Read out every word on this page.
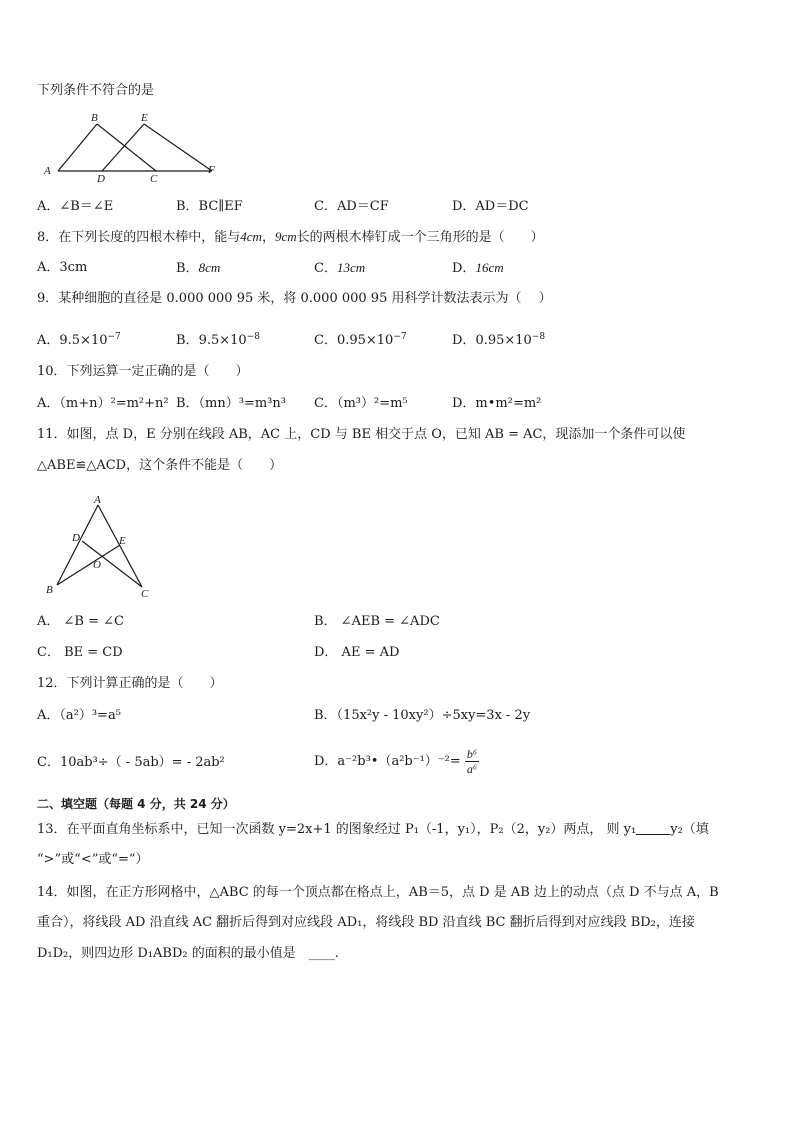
下列条件不符合的是
A
B
C
D
E
F
A．∠B＝∠E	B．BC∥EF	C．AD＝CF	D．AD＝DC
8．在下列长度的四根木棒中，能与4cm，9cm长的两根木棒钉成一个三角形的是（　　）
A．3cm	B．8cm	C．13cm	D．16cm
9．某种细胞的直径是 0.000 000 95 米，将 0.000 000 95 用科学计数法表示为（　 ）
A．$9.5\times 10^{-7}$	B．$9.5\times 10^{-8}$	C．$0.95\times 10^{-7}$	D．$0.95\times 10^{-8}$
10．下列运算一定正确的是（　　）
A．（m+n）²=m²+n² B．（mn）³=m³n³ C．（m³）²=m⁵	D．m•m²=m²
11．如图，点 D，E 分别在线段 AB，AC 上，CD 与 BE 相交于点 O，已知 AB = AC，现添加一个条件可以使
△ABE≌△ACD，这个条件不能是（　　）
A
B	C
D	E
O
A． ∠B = ∠C	B． ∠AEB = ∠ADC
C． BE = CD	D． AE = AD
12．下列计算正确的是（　　）
A．（a²）³=a⁵	B．（15x²y - 10xy²）÷5xy=3x - 2y
C．10ab³÷（ - 5ab）= - 2ab²	D．a⁻²b³•（a²b⁻¹）⁻²= $\frac{\text{b⁶}}{\text{a⁶}}$
二、填空题（每题 4 分，共 24 分）
13．在平面直角坐标系中，已知一次函数 y=2x+1 的图象经过 P₁（-1，y₁），P₂（2，y₂）两点， 则 y₁	y₂（填
“>”或“<”或“=”）
14．如图，在正方形网格中，△ABC 的每一个顶点都在格点上，AB＝5，点 D 是 AB 边上的动点（点 D 不与点 A，B
重合），将线段 AD 沿直线 AC 翻折后得到对应线段 AD₁，将线段 BD 沿直线 BC 翻折后得到对应线段 BD₂，连接
D₁D₂，则四边形 D₁ABD₂ 的面积的最小值是　____.
